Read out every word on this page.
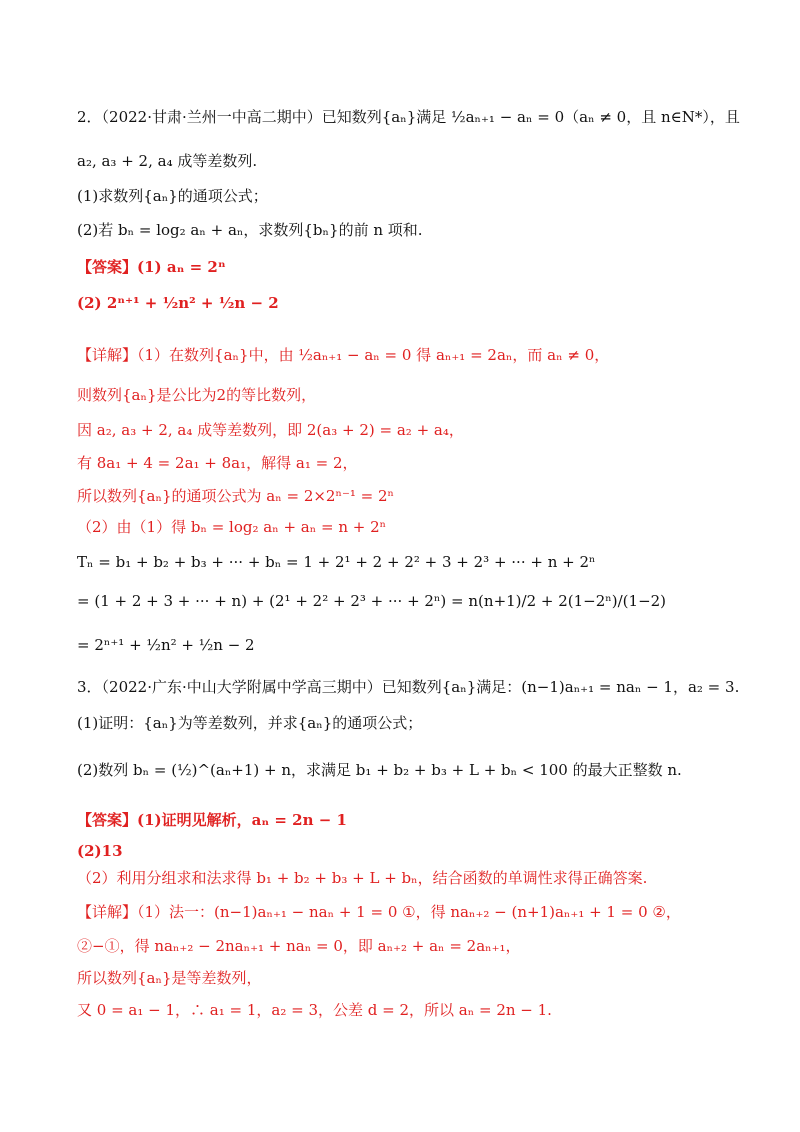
2．（2022·甘肃·兰州一中高二期中）已知数列{aₙ}满足 ½aₙ₊₁ − aₙ = 0（aₙ ≠ 0，且 n∈N*），且
a₂, a₃ + 2, a₄ 成等差数列.
(1)求数列{aₙ}的通项公式；
(2)若 bₙ = log₂ aₙ + aₙ，求数列{bₙ}的前 n 项和.
【答案】(1) aₙ = 2ⁿ
(2) 2ⁿ⁺¹ + ½n² + ½n − 2
【详解】（1）在数列{aₙ}中，由 ½aₙ₊₁ − aₙ = 0 得 aₙ₊₁ = 2aₙ，而 aₙ ≠ 0，
则数列{aₙ}是公比为2的等比数列，
因 a₂, a₃ + 2, a₄ 成等差数列，即 2(a₃ + 2) = a₂ + a₄，
有 8a₁ + 4 = 2a₁ + 8a₁，解得 a₁ = 2，
所以数列{aₙ}的通项公式为 aₙ = 2×2ⁿ⁻¹ = 2ⁿ
（2）由（1）得 bₙ = log₂ aₙ + aₙ = n + 2ⁿ
Tₙ = b₁ + b₂ + b₃ + ··· + bₙ = 1 + 2¹ + 2 + 2² + 3 + 2³ + ··· + n + 2ⁿ
= (1 + 2 + 3 + ··· + n) + (2¹ + 2² + 2³ + ··· + 2ⁿ) = n(n+1)/2 + 2(1−2ⁿ)/(1−2)
= 2ⁿ⁺¹ + ½n² + ½n − 2
3．（2022·广东·中山大学附属中学高三期中）已知数列{aₙ}满足：(n−1)aₙ₊₁ = naₙ − 1，a₂ = 3.
(1)证明：{aₙ}为等差数列，并求{aₙ}的通项公式；
(2)数列 bₙ = (½)^(aₙ+1) + n，求满足 b₁ + b₂ + b₃ + L + bₙ < 100 的最大正整数 n.
【答案】(1)证明见解析，aₙ = 2n − 1
(2)13
（2）利用分组求和法求得 b₁ + b₂ + b₃ + L + bₙ，结合函数的单调性求得正确答案.
【详解】（1）法一：(n−1)aₙ₊₁ − naₙ + 1 = 0 ①，得 naₙ₊₂ − (n+1)aₙ₊₁ + 1 = 0 ②，
②−①，得 naₙ₊₂ − 2naₙ₊₁ + naₙ = 0，即 aₙ₊₂ + aₙ = 2aₙ₊₁，
所以数列{aₙ}是等差数列，
又 0 = a₁ − 1，∴ a₁ = 1，a₂ = 3，公差 d = 2，所以 aₙ = 2n − 1.
